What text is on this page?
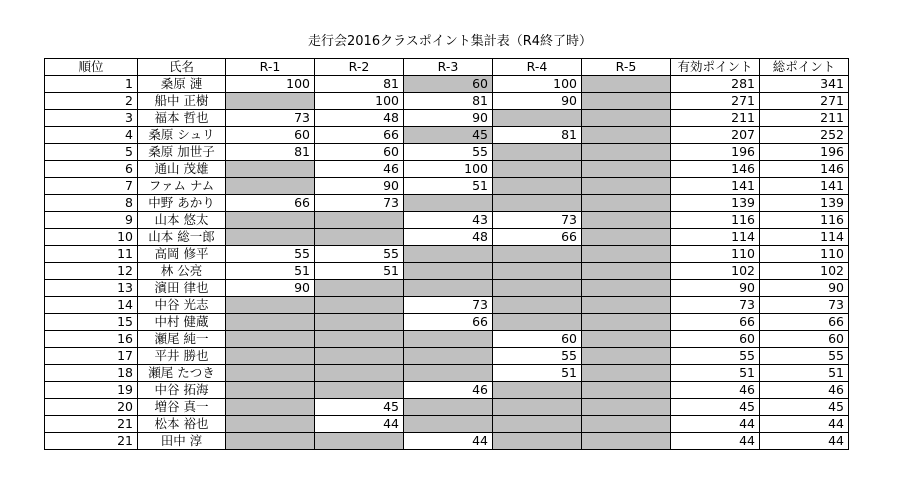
走行会2016クラスポイント集計表（R4終了時）
順位	氏名	R-1	R-2	R-3	R-4	R-5	有効ポイント	総ポイント
1	桑原 漣	100	81	60	100		281	341
2	船中 正樹		100	81	90		271	271
3	福本 哲也	73	48	90			211	211
4	桑原 シュリ	60	66	45	81		207	252
5	桑原 加世子	81	60	55			196	196
6	通山 茂雄		46	100			146	146
7	ファム ナム		90	51			141	141
8	中野 あかり	66	73				139	139
9	山本 悠太			43	73		116	116
10	山本 総一郎			48	66		114	114
11	高岡 修平	55	55				110	110
12	林 公亮	51	51				102	102
13	濱田 律也	90					90	90
14	中谷 光志			73			73	73
15	中村 健蔵			66			66	66
16	瀬尾 純一				60		60	60
17	平井 勝也				55		55	55
18	瀬尾 たつき				51		51	51
19	中谷 拓海			46			46	46
20	増谷 真一		45				45	45
21	松本 裕也		44				44	44
21	田中 淳			44			44	44
